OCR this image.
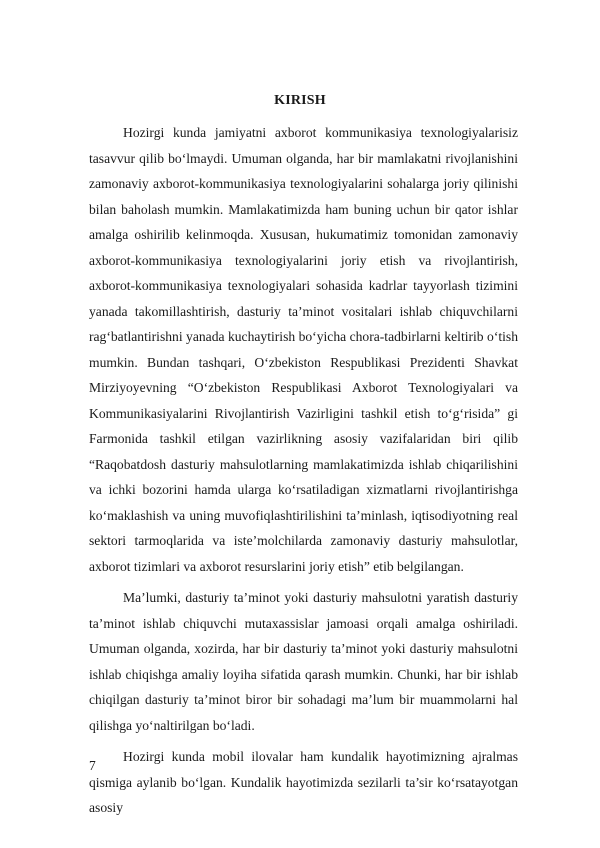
KIRISH

Hozirgi kunda jamiyatni axborot kommunikasiya texnologiyalarisiz tasavvur qilib bo‘lmaydi. Umuman olganda, har bir mamlakatni rivojlanishini zamonaviy axborot-kommunikasiya texnologiyalarini sohalarga joriy qilinishi bilan baholash mumkin. Mamlakatimizda ham buning uchun bir qator ishlar amalga oshirilib kelinmoqda. Xususan, hukumatimiz tomonidan zamonaviy axborot-kommunikasiya texnologiyalarini joriy etish va rivojlantirish, axborot-kommunikasiya texnologiyalari sohasida kadrlar tayyorlash tizimini yanada takomillashtirish, dasturiy ta’minot vositalari ishlab chiquvchilarni rag‘batlantirishni yanada kuchaytirish bo‘yicha chora-tadbirlarni keltirib o‘tish mumkin. Bundan tashqari, O‘zbekiston Respublikasi Prezidenti Shavkat Mirziyoyevning “O‘zbekiston Respublikasi Axborot Texnologiyalari va Kommunikasiyalarini Rivojlantirish Vazirligini tashkil etish to‘g‘risida” gi Farmonida tashkil etilgan vazirlikning asosiy vazifalaridan biri qilib “Raqobatdosh dasturiy mahsulotlarning mamlakatimizda ishlab chiqarilishini va ichki bozorini hamda ularga ko‘rsatiladigan xizmatlarni rivojlantirishga ko‘maklashish va uning muvofiqlashtirilishini ta’minlash, iqtisodiyotning real sektori tarmoqlarida va iste’molchilarda zamonaviy dasturiy mahsulotlar, axborot tizimlari va axborot resurslarini joriy etish” etib belgilangan.

Ma’lumki, dasturiy ta’minot yoki dasturiy mahsulotni yaratish dasturiy ta’minot ishlab chiquvchi mutaxassislar jamoasi orqali amalga oshiriladi. Umuman olganda, xozirda, har bir dasturiy ta’minot yoki dasturiy mahsulotni ishlab chiqishga amaliy loyiha sifatida qarash mumkin. Chunki, har bir ishlab chiqilgan dasturiy ta’minot biror bir sohadagi ma’lum bir muammolarni hal qilishga yo‘naltirilgan bo‘ladi.

Hozirgi kunda mobil ilovalar ham kundalik hayotimizning ajralmas qismiga aylanib bo‘lgan. Kundalik hayotimizda sezilarli ta’sir ko‘rsatayotgan asosiy

7
